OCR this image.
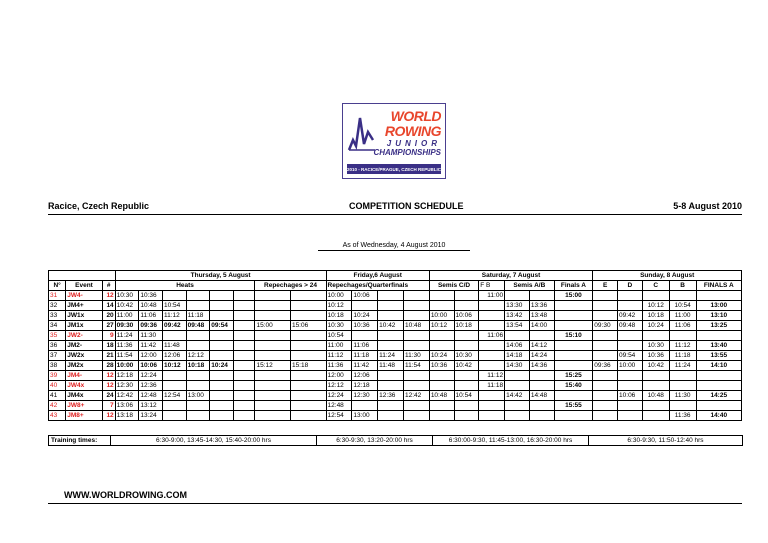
WORLD
ROWING
JUNIOR
CHAMPIONSHIPS
2010 - RACICE/PRAGUE, CZECH REPUBLIC
Racice, Czech Republic	COMPETITION SCHEDULE	5-8 August 2010
As of Wednesday, 4 August 2010
			Thursday, 5 August								Friday,6 August				Saturday, 7 August						Sunday, 8 August				
N°	Event	#	Heats						Repechages > 24		Repechages/Quarterfinals				Semis C/D		F B	Semis A/B		Finals A	E	D	C	B	FINALS A
31	JW4-	12	10:30	10:36							10:00	10:06					11:00			15:00					
32	JM4+	14	10:42	10:48	10:54						10:12							13:30	13:36				10:12	10:54	13:00
33	JW1x	20	11:00	11:06	11:12	11:18					10:18	10:24			10:00	10:06		13:42	13:48			09:42	10:18	11:00	13:10
34	JM1x	27	09:30	09:36	09:42	09:48	09:54		15:00	15:06	10:30	10:36	10:42	10:48	10:12	10:18		13:54	14:00		09:30	09:48	10:24	11:06	13:25
35	JW2-	9	11:24	11:30							10:54						11:06			15:10					
36	JM2-	18	11:36	11:42	11:48						11:00	11:06						14:06	14:12				10:30	11:12	13:40
37	JW2x	21	11:54	12:00	12:06	12:12					11:12	11:18	11:24	11:30	10:24	10:30		14:18	14:24			09:54	10:36	11:18	13:55
38	JM2x	28	10:00	10:06	10:12	10:18	10:24		15:12	15:18	11:36	11:42	11:48	11:54	10:36	10:42		14:30	14:36		09:36	10:00	10:42	11:24	14:10
39	JM4-	12	12:18	12:24							12:00	12:06					11:12			15:25					
40	JW4x	12	12:30	12:36							12:12	12:18					11:18			15:40					
41	JM4x	24	12:42	12:48	12:54	13:00					12:24	12:30	12:36	12:42	10:48	10:54		14:42	14:48			10:06	10:48	11:30	14:25
42	JW8+	7	13:06	13:12							12:48									15:55					
43	JM8+	12	13:18	13:24							12:54	13:00												11:36	14:40
Training times:	6:30-9:00, 13:45-14:30, 15:40-20:00 hrs	6:30-9:30, 13:20-20:00 hrs	6:30:00-9:30, 11:45-13:00, 16:30-20:00 hrs	6:30-9:30, 11:50-12:40 hrs
WWW.WORLDROWING.COM
